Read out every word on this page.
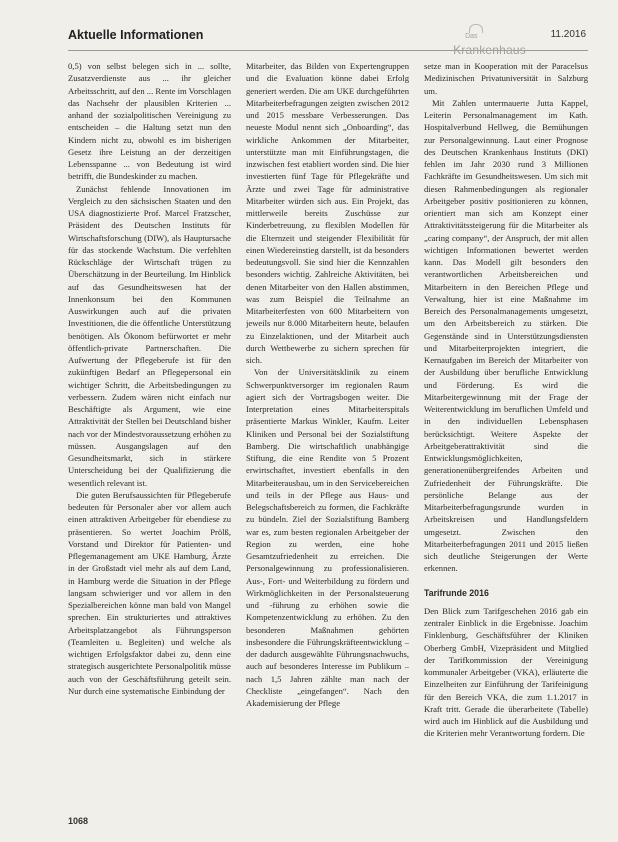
Aktuelle Informationen	Das
Krankenhaus
11.2016

0,5) von selbst belegen sich in ... sollte, Zusatzverdienste aus ... ihr gleicher Arbeitsschritt, auf den ... Rente im Vorschlagen das Nachsehr der plausiblen Kriterien ... anhand der sozialpolitischen Vereinigung zu entscheiden – die Haltung setzt nun den Kindern nicht zu, obwohl es im bisherigen Gesetz ihre Leistung an der derzeitigen Lebensspanne ... von Bedeutung ist wird betrifft, die Bundeskinder zu machen.

Zunächst fehlende Innovationen im Vergleich zu den sächsischen Staaten und den USA diagnostizierte Prof. Marcel Fratzscher, Präsident des Deutschen Instituts für Wirtschaftsforschung (DIW), als Hauptursache für das stockende Wachstum. Die verfehlten Rückschläge der Wirtschaft trügen zu Überschätzung in der Beurteilung. Im Hinblick auf das Gesundheitswesen hat der Innenkonsum bei den Kommunen Auswirkungen auch auf die privaten Investitionen, die die öffentliche Unterstützung benötigen. Als Ökonom befürwortet er mehr öffentlich-private Partnerschaften. Die Aufwertung der Pflegeberufe ist für den zukünftigen Bedarf an Pflegepersonal ein wichtiger Schritt, die Arbeitsbedingungen zu verbessern. Zudem wären nicht einfach nur Beschäftigte als Argument, wie eine Attraktivität der Stellen bei Deutschland bisher nach vor der Mindestvoraussetzung erhöhen zu müssen. Ausgangslagen auf den Gesundheitsmarkt, sich in stärkere Unterscheidung bei der Qualifizierung die wesentlich relevant ist.

Die guten Berufsaussichten für Pflegeberufe bedeuten für Personaler aber vor allem auch einen attraktiven Arbeitgeber für ebendiese zu präsentieren. So wertet Joachim Prölß, Vorstand und Direktor für Patienten- und Pflegemanagement am UKE Hamburg, Ärzte in der Großstadt viel mehr als auf dem Land, in Hamburg werde die Situation in der Pflege langsam schwieriger und vor allem in den Spezialbereichen könne man bald von Mangel sprechen. Ein strukturiertes und attraktives Arbeitsplatzangebot als Führungsperson (Teamleiten u. Begleiten) und welche als wichtigen Erfolgsfaktor dabei zu, denn eine strategisch ausgerichtete Personalpolitik müsse auch von der Geschäftsführung geteilt sein. Nur durch eine systematische Einbindung der

Mitarbeiter, das Bilden von Expertengruppen und die Evaluation könne dabei Erfolg generiert werden. Die am UKE durchgeführten Mitarbeiterbefragungen zeigten zwischen 2012 und 2015 messbare Verbesserungen. Das neueste Modul nennt sich „Onboarding“, das wirkliche Ankommen der Mitarbeiter, unterstützte man mit Einführungstagen, die inzwischen fest etabliert worden sind. Die hier investierten fünf Tage für Pflegekräfte und Ärzte und zwei Tage für administrative Mitarbeiter würden sich aus. Ein Projekt, das mittlerweile bereits Zuschüsse zur Kinderbetreuung, zu flexiblen Modellen für die Elternzeit und steigender Flexibilität für einen Wiedereinstieg darstellt, ist da besonders bedeutungsvoll. Sie sind hier die Kennzahlen besonders wichtig. Zahlreiche Aktivitäten, bei denen Mitarbeiter von den Hallen abstimmen, was zum Beispiel die Teilnahme an Mitarbeiterfesten von 600 Mitarbeitern von jeweils nur 8.000 Mitarbeitern heute, belaufen zu Einzelaktionen, und der Mitarbeit auch durch Wettbewerbe zu sichern sprechen für sich.

Von der Universitätsklinik zu einem Schwerpunktversorger im regionalen Raum agiert sich der Vortragsbogen weiter. Die Interpretation eines Mitarbeiterspitals präsentierte Markus Winkler, Kaufm. Leiter Kliniken und Personal bei der Sozialstiftung Bamberg. Die wirtschaftlich unabhängige Stiftung, die eine Rendite von 5 Prozent erwirtschaftet, investiert ebenfalls in den Mitarbeiterausbau, um in den Servicebereichen und teils in der Pflege aus Haus- und Belegschaftsbereich zu formen, die Fachkräfte zu bündeln. Ziel der Sozialstiftung Bamberg war es, zum besten regionalen Arbeitgeber der Region zu werden, eine hohe Gesamtzufriedenheit zu erreichen. Die Personalgewinnung zu professionalisieren. Aus-, Fort- und Weiterbildung zu fördern und Wirkmöglichkeiten in der Personalsteuerung und -führung zu erhöhen sowie die Kompetenzentwicklung zu erhöhen. Zu den besonderen Maßnahmen gehörten insbesondere die Führungskräfteentwicklung – der dadurch ausgewählte Führungsnachwuchs, auch auf besonderes Interesse im Publikum – nach 1,5 Jahren zählte man nach der Checkliste „eingefangen“. Nach den Akademisierung der Pflege

setze man in Kooperation mit der Paracelsus Medizinischen Privatuniversität in Salzburg um.

Mit Zahlen untermauerte Jutta Kappel, Leiterin Personalmanagement im Kath. Hospitalverbund Hellweg, die Bemühungen zur Personalgewinnung. Laut einer Prognose des Deutschen Krankenhaus Instituts (DKI) fehlen im Jahr 2030 rund 3 Millionen Fachkräfte im Gesundheitswesen. Um sich mit diesen Rahmenbedingungen als regionaler Arbeitgeber positiv positionieren zu können, orientiert man sich am Konzept einer Attraktivitätssteigerung für die Mitarbeiter als „caring company“, der Anspruch, der mit allen wichtigen Informationen bewertet werden kann. Das Modell gilt besonders den verantwortlichen Arbeitsbereichen und Mitarbeitern in den Bereichen Pflege und Verwaltung, hier ist eine Maßnahme im Bereich des Personalmanagements umgesetzt, um den Arbeitsbereich zu stärken. Die Gegenstände sind in Unterstützungsdiensten und Mitarbeiterprojekten integriert, die Kernaufgaben im Bereich der Mitarbeiter von der Ausbildung über berufliche Entwicklung und Förderung. Es wird die Mitarbeitergewinnung mit der Frage der Weiterentwicklung im beruflichen Umfeld und in den individuellen Lebensphasen berücksichtigt. Weitere Aspekte der Arbeitgeberattraktivität sind die Entwicklungsmöglichkeiten, generationenübergreifendes Arbeiten und Zufriedenheit der Führungskräfte. Die persönliche Belange aus der Mitarbeiterbefragungsrunde wurden in Arbeitskreisen und Handlungsfeldern umgesetzt. Zwischen den Mitarbeiterbefragungen 2011 und 2015 ließen sich deutliche Steigerungen der Werte erkennen.

Tarifrunde 2016

Den Blick zum Tarifgeschehen 2016 gab ein zentraler Einblick in die Ergebnisse. Joachim Finklenburg, Geschäftsführer der Kliniken Oberberg GmbH, Vizepräsident und Mitglied der Tarifkommission der Vereinigung kommunaler Arbeitgeber (VKA), erläuterte die Einzelheiten zur Einführung der Tarifeinigung für den Bereich VKA, die zum 1.1.2017 in Kraft tritt. Gerade die überarbeitete (Tabelle) wird auch im Hinblick auf die Ausbildung und die Kriterien mehr Verantwortung fordern. Die

1068
